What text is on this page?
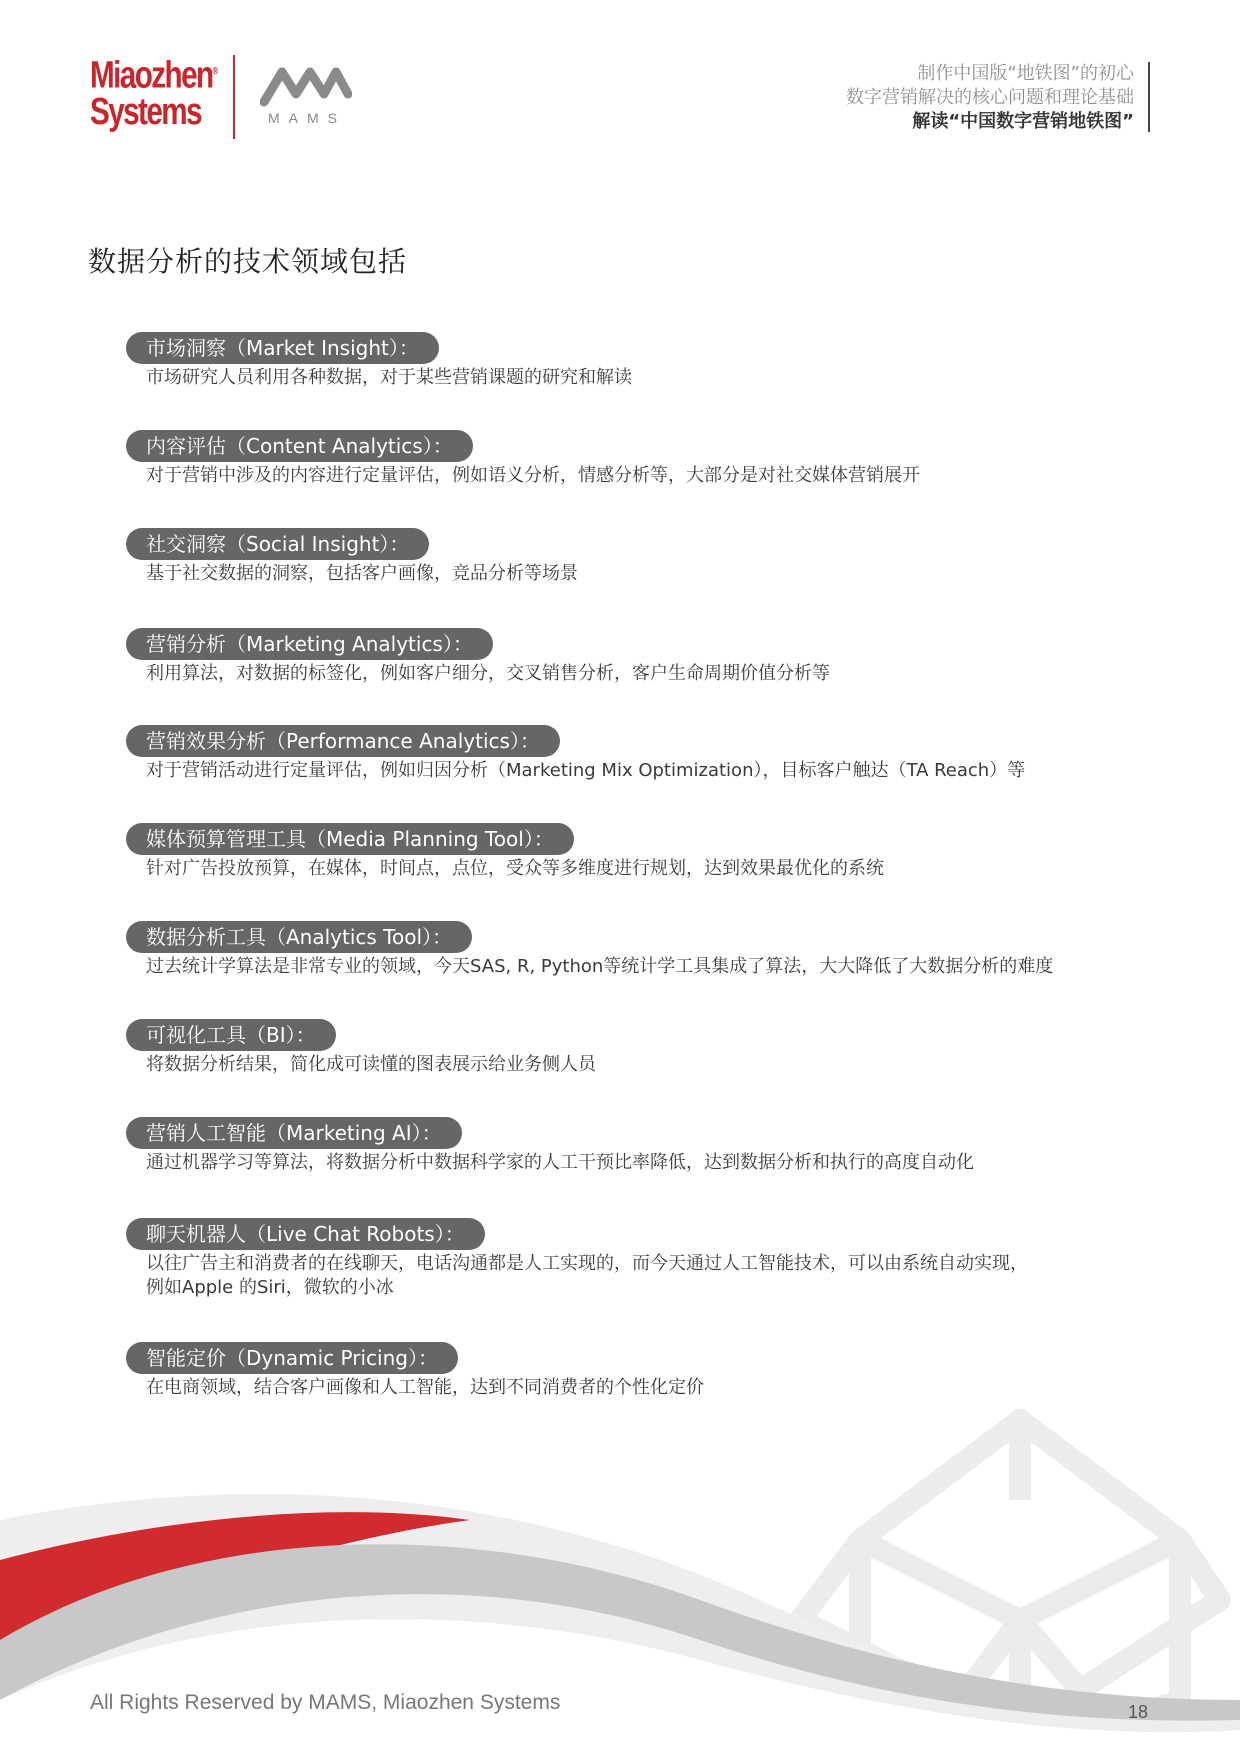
Miaozhen®
Systems	MAMS
制作中国版“地铁图”的初心
数字营销解决的核心问题和理论基础
解读“中国数字营销地铁图”
数据分析的技术领域包括
市场洞察（Market Insight）：
市场研究人员利用各种数据，对于某些营销课题的研究和解读
内容评估（Content Analytics）：
对于营销中涉及的内容进行定量评估，例如语义分析，情感分析等，大部分是对社交媒体营销展开
社交洞察（Social Insight）：
基于社交数据的洞察，包括客户画像，竞品分析等场景
营销分析（Marketing Analytics）：
利用算法，对数据的标签化，例如客户细分，交叉销售分析，客户生命周期价值分析等
营销效果分析（Performance Analytics）：
对于营销活动进行定量评估，例如归因分析（Marketing Mix Optimization），目标客户触达（TA Reach）等
媒体预算管理工具（Media Planning Tool）：
针对广告投放预算，在媒体，时间点，点位，受众等多维度进行规划，达到效果最优化的系统
数据分析工具（Analytics Tool）：
过去统计学算法是非常专业的领域，今天SAS, R, Python等统计学工具集成了算法，大大降低了大数据分析的难度
可视化工具（BI）：
将数据分析结果，简化成可读懂的图表展示给业务侧人员
营销人工智能（Marketing AI）：
通过机器学习等算法，将数据分析中数据科学家的人工干预比率降低，达到数据分析和执行的高度自动化
聊天机器人（Live Chat Robots）：
以往广告主和消费者的在线聊天，电话沟通都是人工实现的，而今天通过人工智能技术，可以由系统自动实现，
例如Apple 的Siri，微软的小冰
智能定价（Dynamic Pricing）：
在电商领域，结合客户画像和人工智能，达到不同消费者的个性化定价
All Rights Reserved by MAMS, Miaozhen Systems	18
